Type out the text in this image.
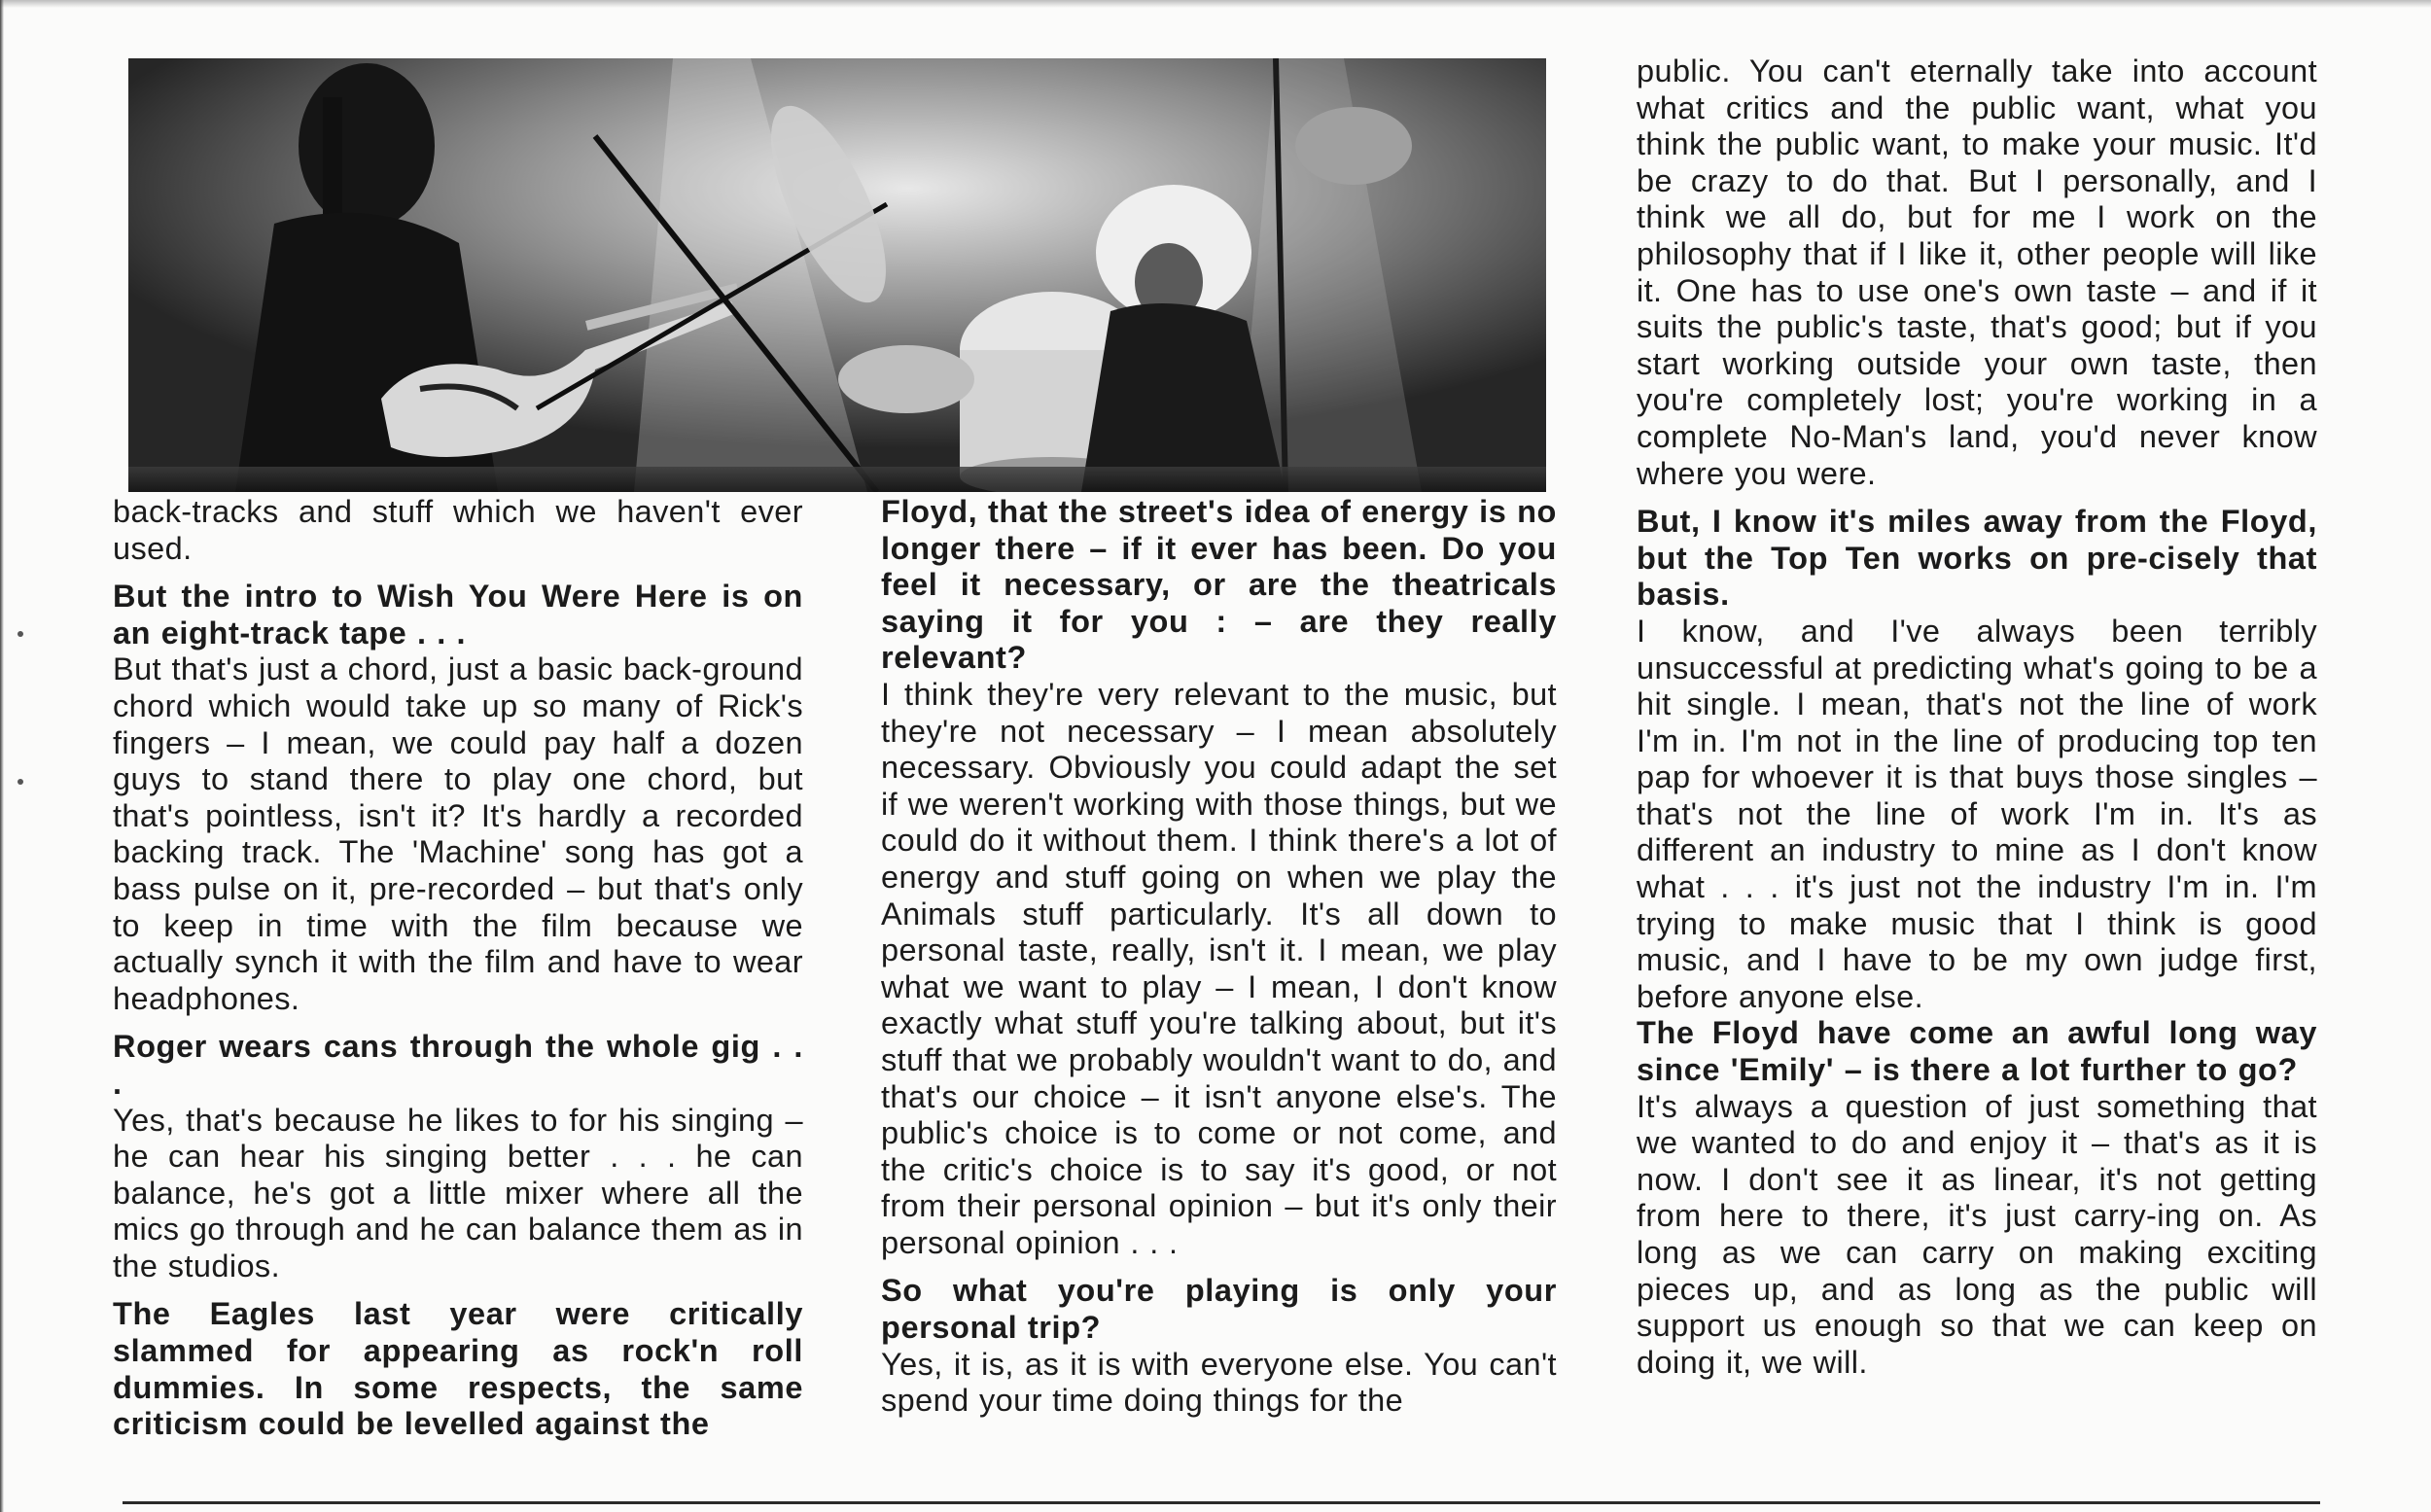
back-tracks and stuff which we haven't ever used.

But the intro to Wish You Were Here is on an eight-track tape . . .

But that's just a chord, just a basic back-ground chord which would take up so many of Rick's fingers – I mean, we could pay half a dozen guys to stand there to play one chord, but that's pointless, isn't it? It's hardly a recorded backing track. The 'Machine' song has got a bass pulse on it, pre-recorded – but that's only to keep in time with the film because we actually synch it with the film and have to wear headphones.

Roger wears cans through the whole gig . . .

Yes, that's because he likes to for his singing – he can hear his singing better . . . he can balance, he's got a little mixer where all the mics go through and he can balance them as in the studios.

The Eagles last year were critically slammed for appearing as rock'n roll dummies. In some respects, the same criticism could be levelled against the

Floyd, that the street's idea of energy is no longer there – if it ever has been. Do you feel it necessary, or are the theatricals saying it for you : – are they really relevant?

I think they're very relevant to the music, but they're not necessary – I mean absolutely necessary. Obviously you could adapt the set if we weren't working with those things, but we could do it without them. I think there's a lot of energy and stuff going on when we play the Animals stuff particularly. It's all down to personal taste, really, isn't it. I mean, we play what we want to play – I mean, I don't know exactly what stuff you're talking about, but it's stuff that we probably wouldn't want to do, and that's our choice – it isn't anyone else's. The public's choice is to come or not come, and the critic's choice is to say it's good, or not from their personal opinion – but it's only their personal opinion . . .

So what you're playing is only your personal trip?

Yes, it is, as it is with everyone else. You can't spend your time doing things for the

public. You can't eternally take into account what critics and the public want, what you think the public want, to make your music. It'd be crazy to do that. But I personally, and I think we all do, but for me I work on the philosophy that if I like it, other people will like it. One has to use one's own taste – and if it suits the public's taste, that's good; but if you start working outside your own taste, then you're completely lost; you're working in a complete No-Man's land, you'd never know where you were.

But, I know it's miles away from the Floyd, but the Top Ten works on pre-cisely that basis.

I know, and I've always been terribly unsuccessful at predicting what's going to be a hit single. I mean, that's not the line of work I'm in. I'm not in the line of producing top ten pap for whoever it is that buys those singles – that's not the line of work I'm in. It's as different an industry to mine as I don't know what . . . it's just not the industry I'm in. I'm trying to make music that I think is good music, and I have to be my own judge first, before anyone else.

The Floyd have come an awful long way since 'Emily' – is there a lot further to go?

It's always a question of just something that we wanted to do and enjoy it – that's as it is now. I don't see it as linear, it's not getting from here to there, it's just carry-ing on. As long as we can carry on making exciting pieces up, and as long as the public will support us enough so that we can keep on doing it, we will.
